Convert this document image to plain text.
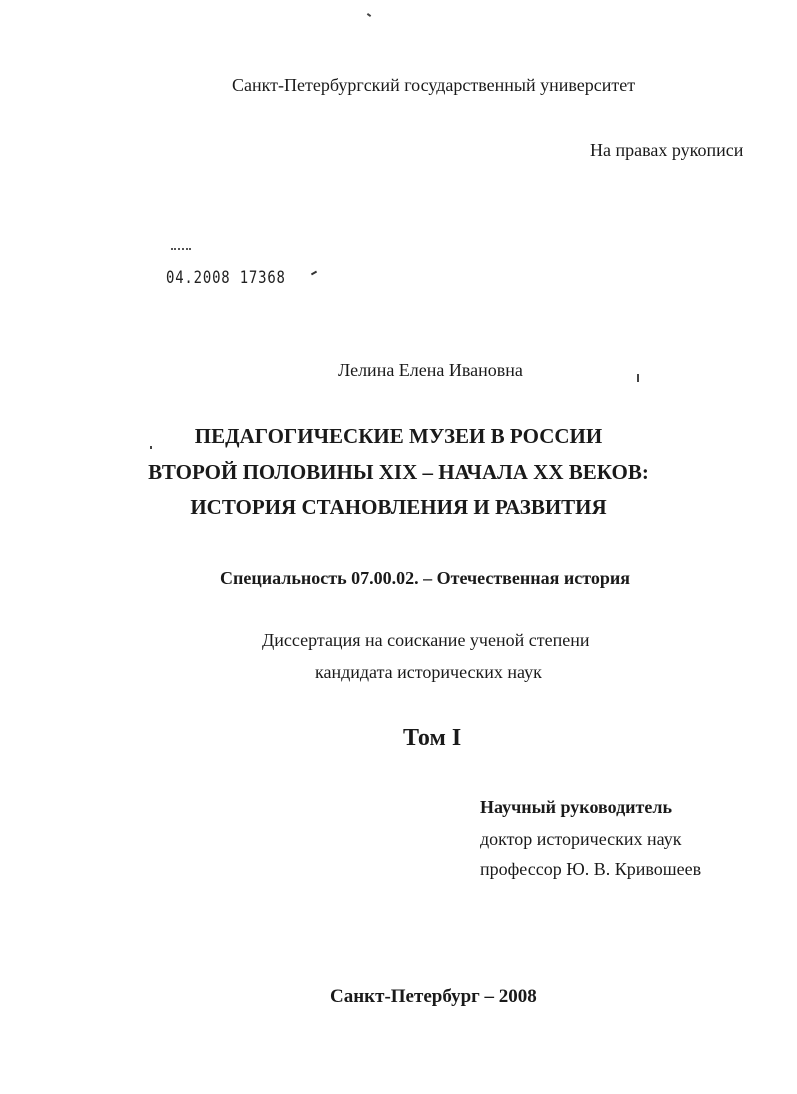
Санкт-Петербургский государственный университет
На правах рукописи
04.2008 17368
Лелина Елена Ивановна
ПЕДАГОГИЧЕСКИЕ МУЗЕИ В РОССИИ
ВТОРОЙ ПОЛОВИНЫ XIX – НАЧАЛА XX ВЕКОВ:
ИСТОРИЯ СТАНОВЛЕНИЯ И РАЗВИТИЯ
Специальность 07.00.02. – Отечественная история
Диссертация на соискание ученой степени
кандидата исторических наук
Том I
Научный руководитель
доктор исторических наук
профессор Ю. В. Кривошеев
Санкт-Петербург – 2008
